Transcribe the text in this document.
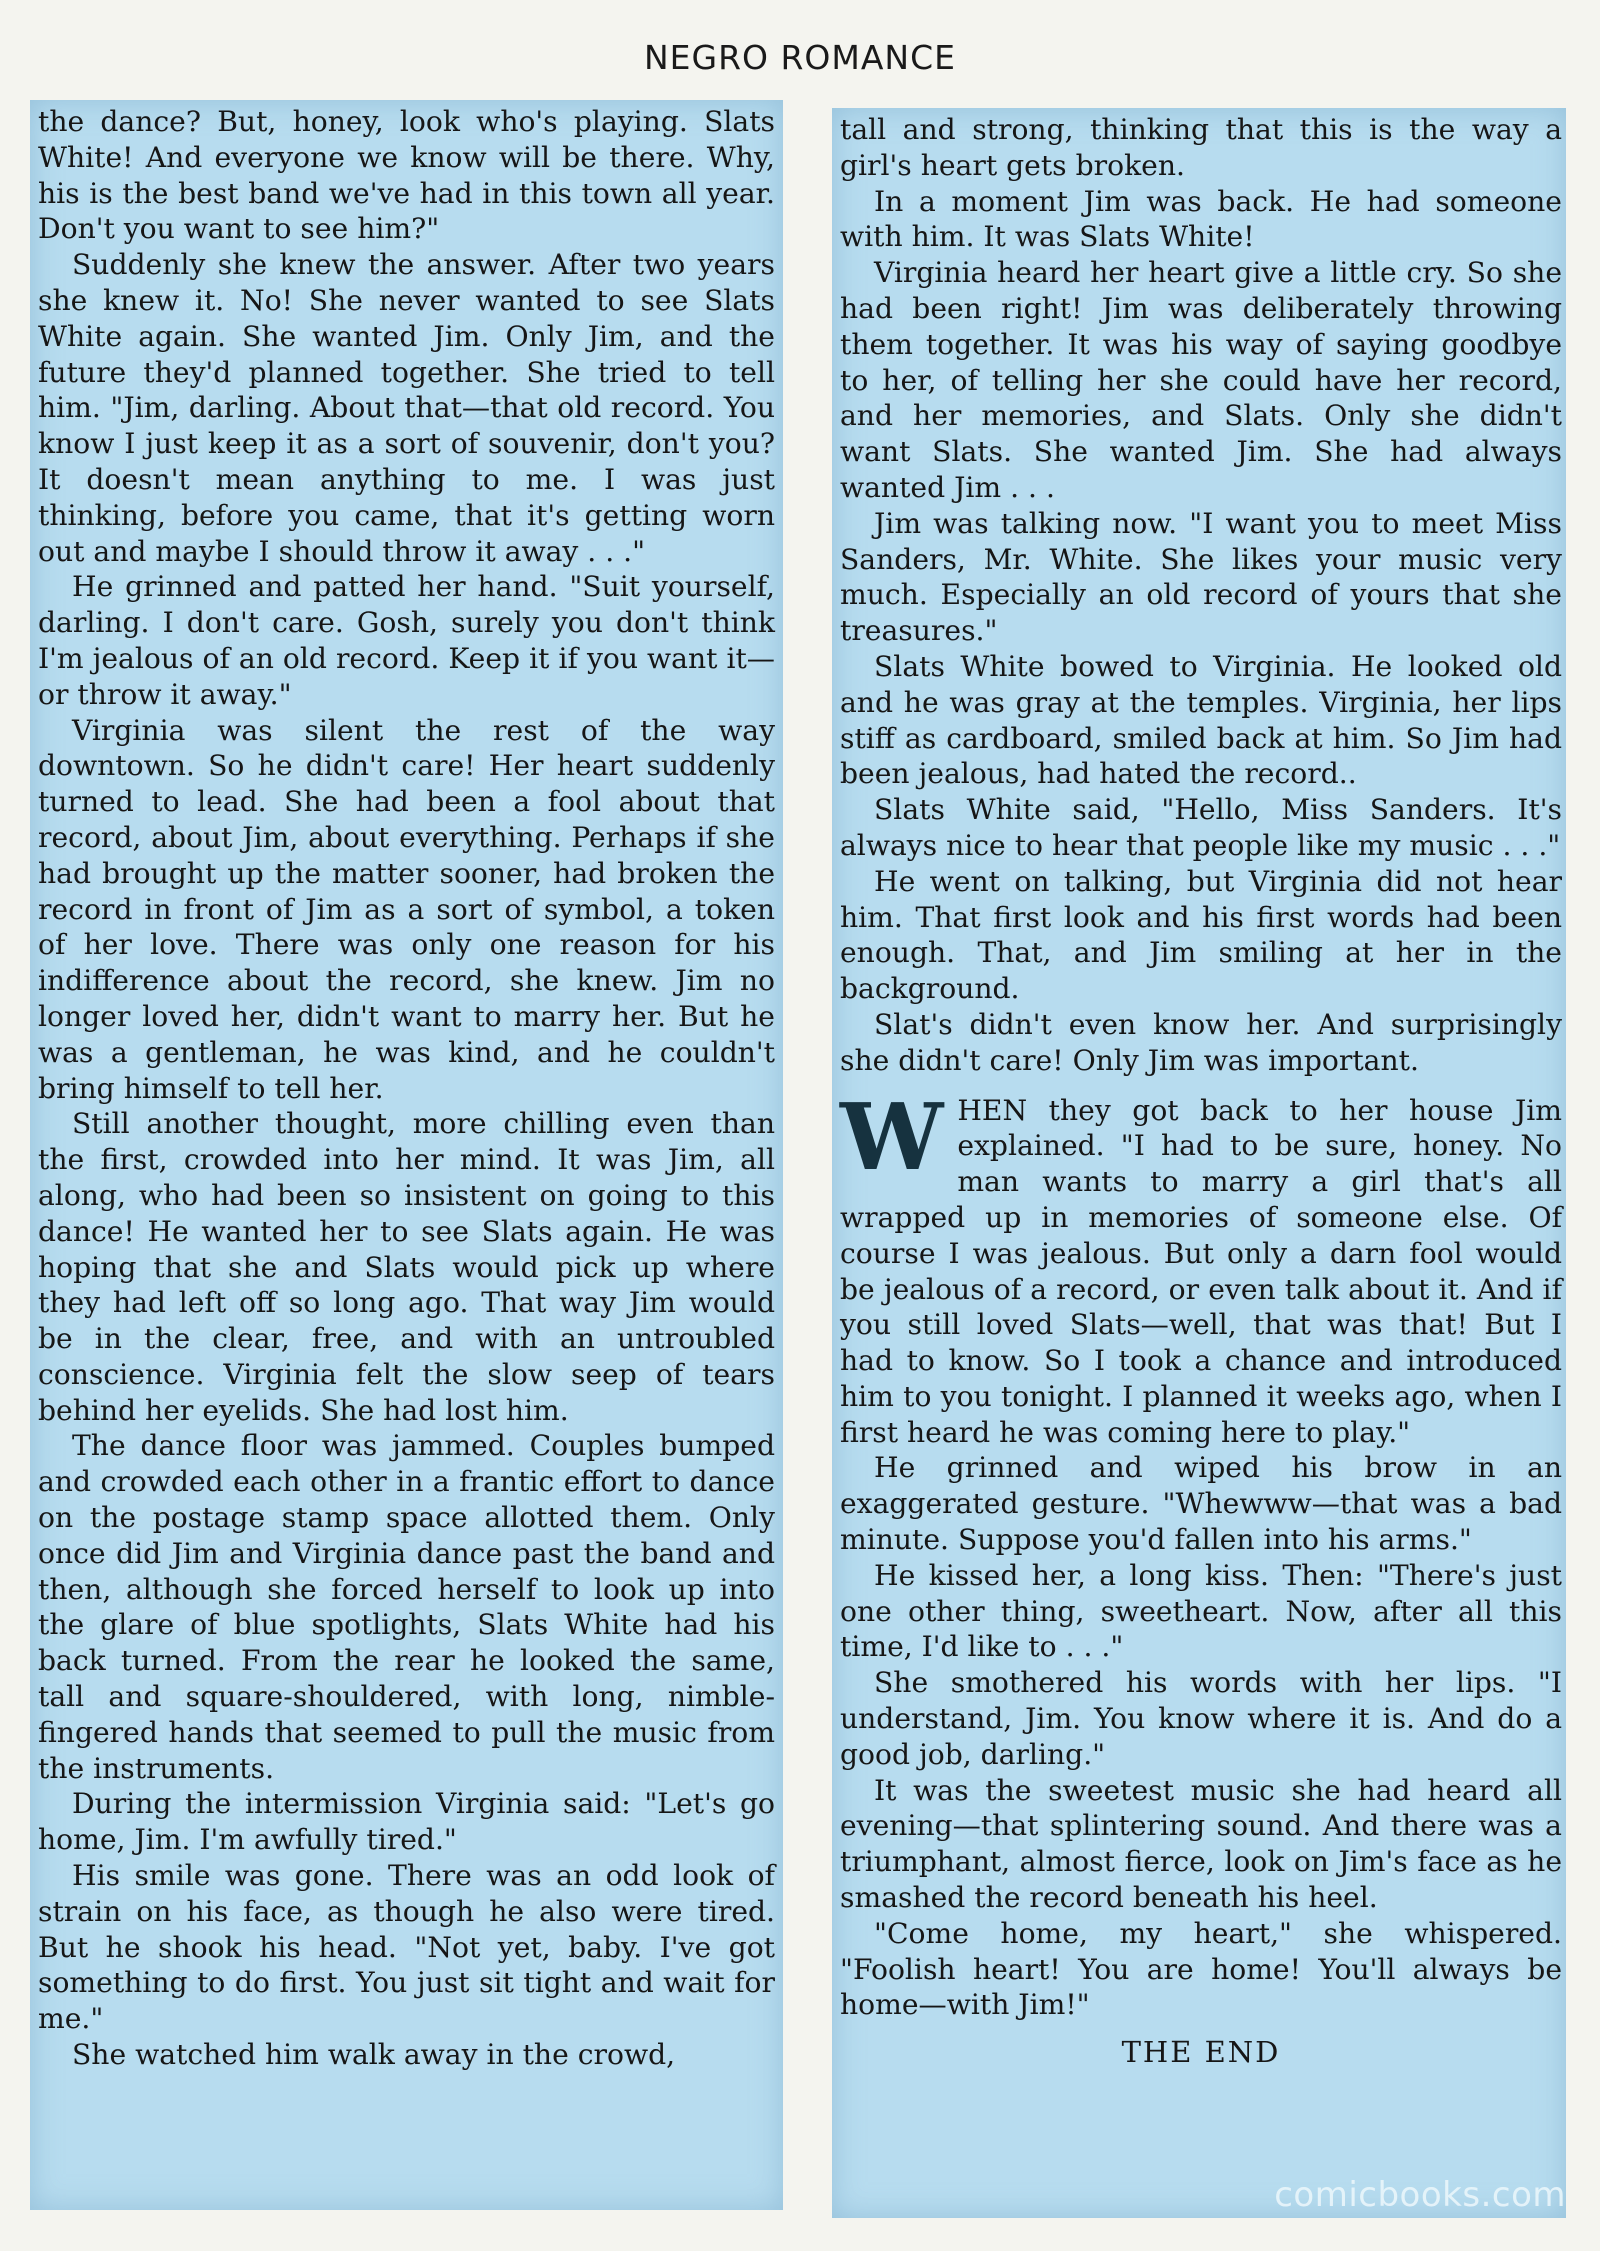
NEGRO ROMANCE

the dance? But, honey, look who's playing. Slats White! And everyone we know will be there. Why, his is the best band we've had in this town all year. Don't you want to see him?"

Suddenly she knew the answer. After two years she knew it. No! She never wanted to see Slats White again. She wanted Jim. Only Jim, and the future they'd planned together. She tried to tell him. "Jim, darling. About that—that old record. You know I just keep it as a sort of souvenir, don't you? It doesn't mean anything to me. I was just thinking, before you came, that it's getting worn out and maybe I should throw it away . . ."

He grinned and patted her hand. "Suit yourself, darling. I don't care. Gosh, surely you don't think I'm jealous of an old record. Keep it if you want it—or throw it away."

Virginia was silent the rest of the way downtown. So he didn't care! Her heart suddenly turned to lead. She had been a fool about that record, about Jim, about everything. Perhaps if she had brought up the matter sooner, had broken the record in front of Jim as a sort of symbol, a token of her love. There was only one reason for his indifference about the record, she knew. Jim no longer loved her, didn't want to marry her. But he was a gentleman, he was kind, and he couldn't bring himself to tell her.

Still another thought, more chilling even than the first, crowded into her mind. It was Jim, all along, who had been so insistent on going to this dance! He wanted her to see Slats again. He was hoping that she and Slats would pick up where they had left off so long ago. That way Jim would be in the clear, free, and with an untroubled conscience. Virginia felt the slow seep of tears behind her eyelids. She had lost him.

The dance floor was jammed. Couples bumped and crowded each other in a frantic effort to dance on the postage stamp space allotted them. Only once did Jim and Virginia dance past the band and then, although she forced herself to look up into the glare of blue spotlights, Slats White had his back turned. From the rear he looked the same, tall and square-shouldered, with long, nimble-fingered hands that seemed to pull the music from the instruments.

During the intermission Virginia said: "Let's go home, Jim. I'm awfully tired."

His smile was gone. There was an odd look of strain on his face, as though he also were tired. But he shook his head. "Not yet, baby. I've got something to do first. You just sit tight and wait for me."

She watched him walk away in the crowd,

tall and strong, thinking that this is the way a girl's heart gets broken.

In a moment Jim was back. He had someone with him. It was Slats White!

Virginia heard her heart give a little cry. So she had been right! Jim was deliberately throwing them together. It was his way of saying goodbye to her, of telling her she could have her record, and her memories, and Slats. Only she didn't want Slats. She wanted Jim. She had always wanted Jim . . .

Jim was talking now. "I want you to meet Miss Sanders, Mr. White. She likes your music very much. Especially an old record of yours that she treasures."

Slats White bowed to Virginia. He looked old and he was gray at the temples. Virginia, her lips stiff as cardboard, smiled back at him. So Jim had been jealous, had hated the record..

Slats White said, "Hello, Miss Sanders. It's always nice to hear that people like my music . . ."

He went on talking, but Virginia did not hear him. That first look and his first words had been enough. That, and Jim smiling at her in the background.

Slat's didn't even know her. And surprisingly she didn't care! Only Jim was important.

WHEN they got back to her house Jim explained. "I had to be sure, honey. No man wants to marry a girl that's all wrapped up in memories of someone else. Of course I was jealous. But only a darn fool would be jealous of a record, or even talk about it. And if you still loved Slats—well, that was that! But I had to know. So I took a chance and introduced him to you tonight. I planned it weeks ago, when I first heard he was coming here to play."

He grinned and wiped his brow in an exaggerated gesture. "Whewww—that was a bad minute. Suppose you'd fallen into his arms."

He kissed her, a long kiss. Then: "There's just one other thing, sweetheart. Now, after all this time, I'd like to . . ."

She smothered his words with her lips. "I understand, Jim. You know where it is. And do a good job, darling."

It was the sweetest music she had heard all evening—that splintering sound. And there was a triumphant, almost fierce, look on Jim's face as he smashed the record beneath his heel.

"Come home, my heart," she whispered. "Foolish heart! You are home! You'll always be home—with Jim!"

THE END
comicbooks.com
